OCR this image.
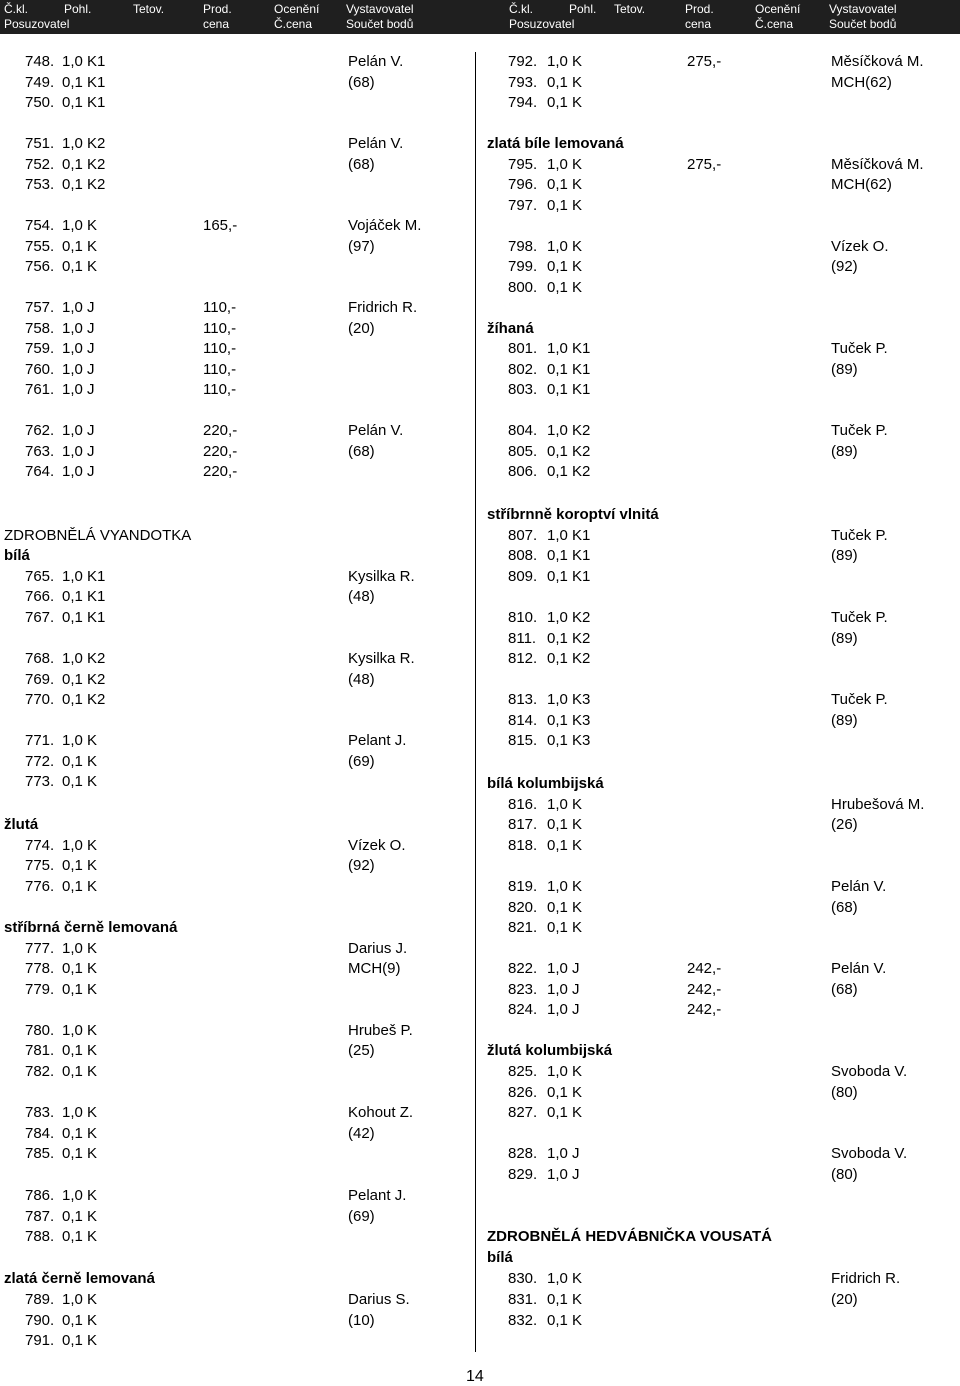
Č.kl.	Pohl.	Tetov.	Prod.	Ocenění Vystavovatel
Posuzovatel	cena	Č.cena	Součet bodů
Č.kl.	Pohl. Tetov.	Prod.	Ocenění Vystavovatel
Posuzovatel	cena	Č.cena	Součet bodů
748. 1,0 K1	Pelán V.
749. 0,1 K1	(68)
750. 0,1 K1
751. 1,0 K2	Pelán V.
752. 0,1 K2	(68)
753. 0,1 K2
754. 1,0 K	165,-	Vojáček M.
755. 0,1 K	(97)
756. 0,1 K
757. 1,0 J	110,-	Fridrich R.
758. 1,0 J	110,-	(20)
759. 1,0 J	110,-
760. 1,0 J	110,-
761. 1,0 J	110,-
762. 1,0 J	220,-	Pelán V.
763. 1,0 J	220,-	(68)
764. 1,0 J	220,-
ZDROBNĚLÁ VYANDOTKA
bílá
765. 1,0 K1	Kysilka R.
766. 0,1 K1	(48)
767. 0,1 K1
768. 1,0 K2	Kysilka R.
769. 0,1 K2	(48)
770. 0,1 K2
771. 1,0 K	Pelant J.
772. 0,1 K	(69)
773. 0,1 K
žlutá
774. 1,0 K	Vízek O.
775. 0,1 K	(92)
776. 0,1 K
stříbrná černě lemovaná
777. 1,0 K	Darius J.
778. 0,1 K	MCH(9)
779. 0,1 K
780. 1,0 K	Hrubeš P.
781. 0,1 K	(25)
782. 0,1 K
783. 1,0 K	Kohout Z.
784. 0,1 K	(42)
785. 0,1 K
786. 1,0 K	Pelant J.
787. 0,1 K	(69)
788. 0,1 K
zlatá černě lemovaná
789. 1,0 K	Darius S.
790. 0,1 K	(10)
791. 0,1 K
792. 1,0 K	275,-	Měsíčková M.
793. 0,1 K	MCH(62)
794. 0,1 K
zlatá bíle lemovaná
795. 1,0 K	275,-	Měsíčková M.
796. 0,1 K	MCH(62)
797. 0,1 K
798. 1,0 K	Vízek O.
799. 0,1 K	(92)
800. 0,1 K
žíhaná
801. 1,0 K1	Tuček P.
802. 0,1 K1	(89)
803. 0,1 K1
804. 1,0 K2	Tuček P.
805. 0,1 K2	(89)
806. 0,1 K2
stříbrnně koroptví vlnitá
807. 1,0 K1	Tuček P.
808. 0,1 K1	(89)
809. 0,1 K1
810. 1,0 K2	Tuček P.
811. 0,1 K2	(89)
812. 0,1 K2
813. 1,0 K3	Tuček P.
814. 0,1 K3	(89)
815. 0,1 K3
bílá kolumbijská
816. 1,0 K	Hrubešová M.
817. 0,1 K	(26)
818. 0,1 K
819. 1,0 K	Pelán V.
820. 0,1 K	(68)
821. 0,1 K
822. 1,0 J	242,-	Pelán V.
823. 1,0 J	242,-	(68)
824. 1,0 J	242,-
žlutá kolumbijská
825. 1,0 K	Svoboda V.
826. 0,1 K	(80)
827. 0,1 K
828. 1,0 J	Svoboda V.
829. 1,0 J	(80)
ZDROBNĚLÁ HEDVÁBNIČKA VOUSATÁ
bílá
830. 1,0 K	Fridrich R.
831. 0,1 K	(20)
832. 0,1 K
14
